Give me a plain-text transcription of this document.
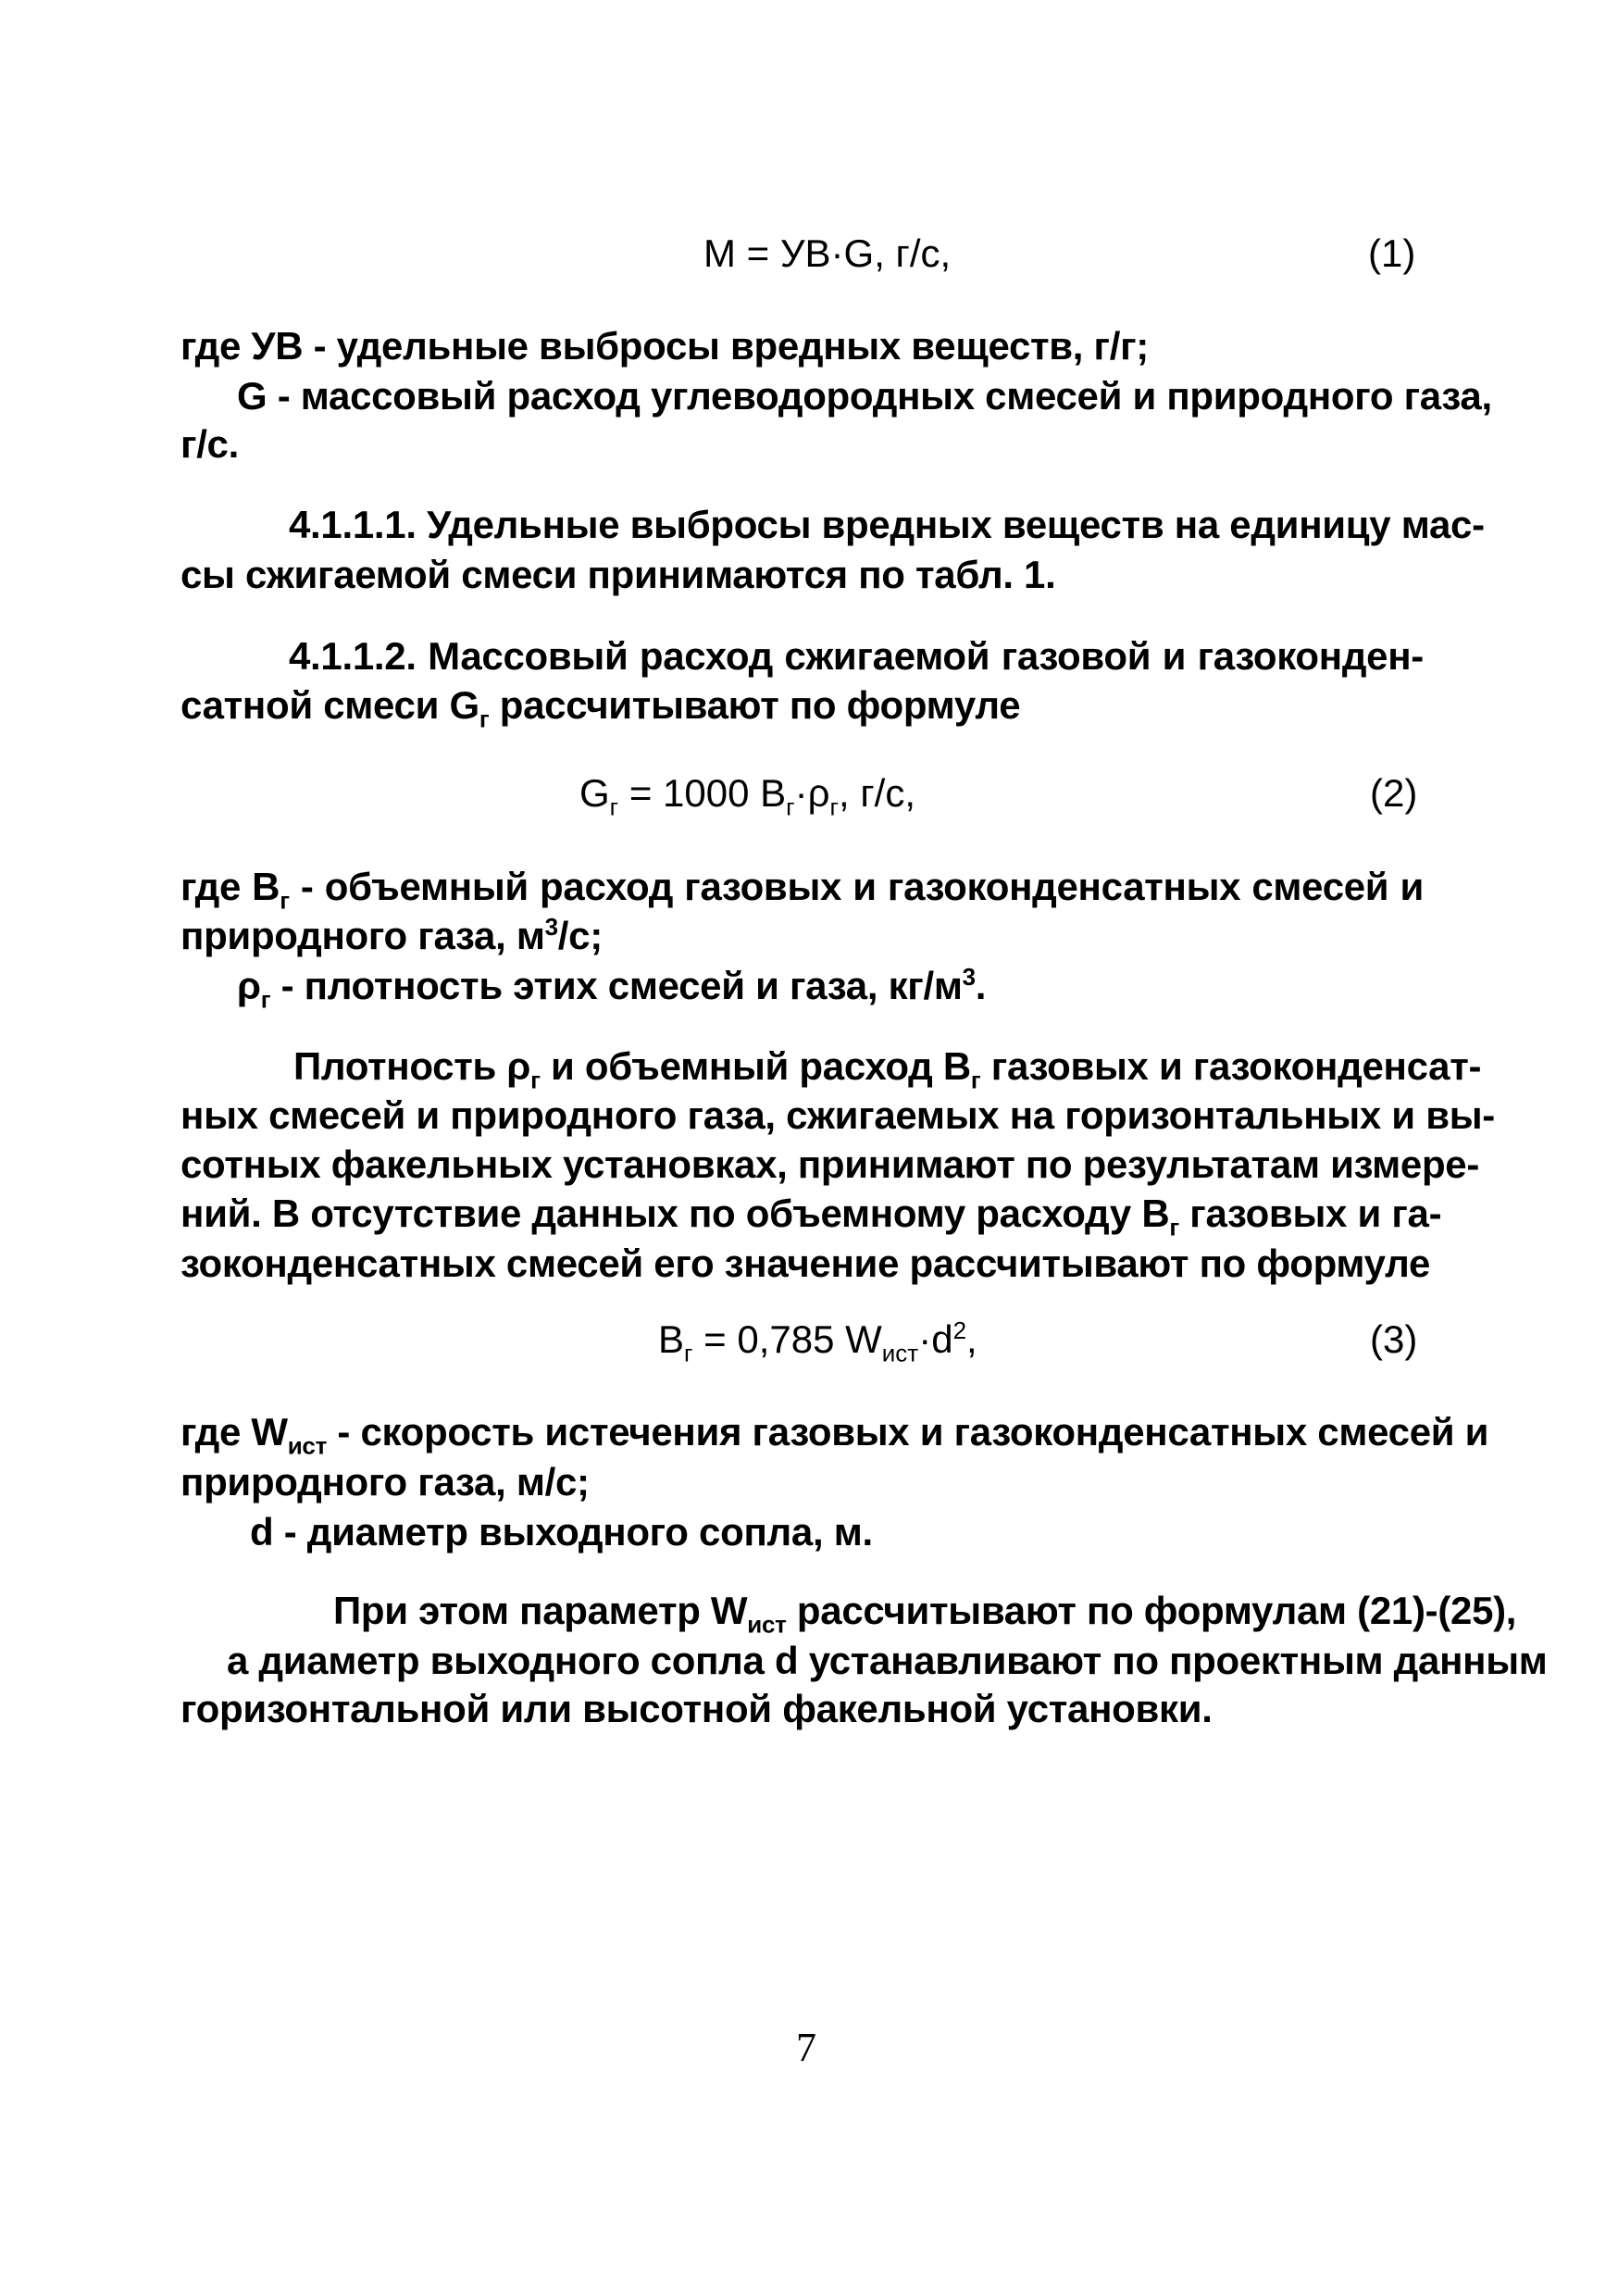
M = УВ·G, г/с,	(1)
где УВ - удельные выбросы вредных веществ, г/г;
G - массовый расход углеводородных смесей и природного газа,
г/с.
4.1.1.1. Удельные выбросы вредных веществ на единицу мас-
сы сжигаемой смеси принимаются по табл. 1.
4.1.1.2. Массовый расход сжигаемой газовой и газоконден-
сатной смеси $G_г$ рассчитывают по формуле
$G_г = 1000$ $B_г\cdot\rho_г$, г/с,	(2)
где $B_г$ - объемный расход газовых и газоконденсатных смесей и
природного газа, $м^3/с$;
$\rho_г$ - плотность этих смесей и газа, $кг/м^3$.
Плотность $\rho_г$ и объемный расход $B_г$ газовых и газоконденсат-
ных смесей и природного газа, сжигаемых на горизонтальных и вы-
сотных факельных установках, принимают по результатам измере-
ний. В отсутствие данных по объемному расходу $B_г$ газовых и га-
зоконденсатных смесей его значение рассчитывают по формуле
$B_г = 0,785$ $W_{ист}\cdot d^2$,	(3)
где $W_{ист}$ - скорость истечения газовых и газоконденсатных смесей и
природного газа, м/с;
d - диаметр выходного сопла, м.
При этом параметр $W_{ист}$ рассчитывают по формулам (21)-(25),
а диаметр выходного сопла d устанавливают по проектным данным
горизонтальной или высотной факельной установки.
7
